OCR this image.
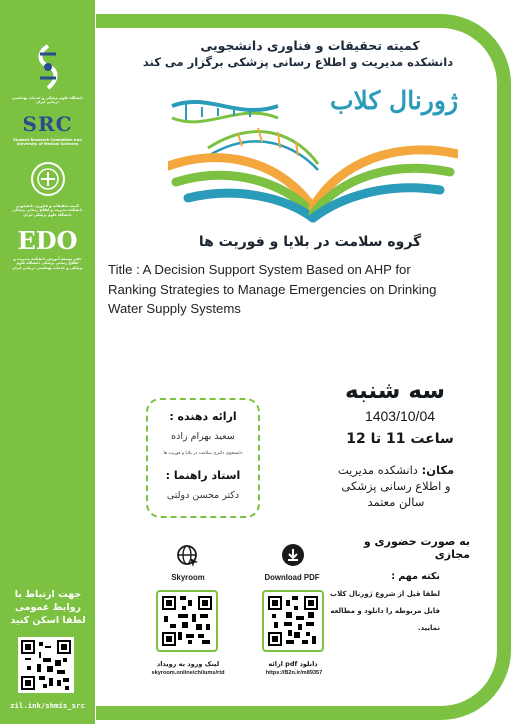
دانشگاه علوم پزشکی و خدمات بهداشتی درمانی ایران
SRC
Student Research Committee Iran University of Medical Sciences
کمیته تحقیقات و فناوری دانشجویی دانشکده مدیریت و اطلاع رسانی پزشکی دانشگاه علوم پزشکی ایران
EDO
دفتر توسعه آموزش دانشکده مدیریت و اطلاع رسانی پزشکی دانشگاه علوم پزشکی و خدمات بهداشتی درمانی ایران
جهت ارتباط با
روابط عمومی
لطفا اسکن کنید
zil.ink/shmis_src
کمیته تحقیقات و فناوری دانشجویی
دانشکده مدیریت و اطلاع رسانی پزشکی برگزار می کند
ژورنال کلاب
گروه سلامت در بلایا و فوریت ها
Title : A Decision Support System Based on AHP for Ranking Strategies to Manage Emergencies on Drinking Water Supply Systems
سه شنبه
1403/10/04
ساعت 11 تا 12
ارائه دهنده :
سعید بهرام زاده
دانشجوی دکتری سلامت در بلایا و فوریت ها
استاد راهنما :
دکتر محسن دولتی
مکان: دانشکده مدیریت
و اطلاع رسانی پزشکی
سالن معتمد
به صورت حضوری و مجازی
نکته مهم :
لطفا قبل از شروع ژورنال کلاب
فایل مربوطه را دانلود و مطالعه
نمایید.
Skyroom
لینک ورود به رویداد
skyroom.online/ch/iums/rtd
Download PDF
دانلود pdf ارائه
https://B2n.ir/m89357
